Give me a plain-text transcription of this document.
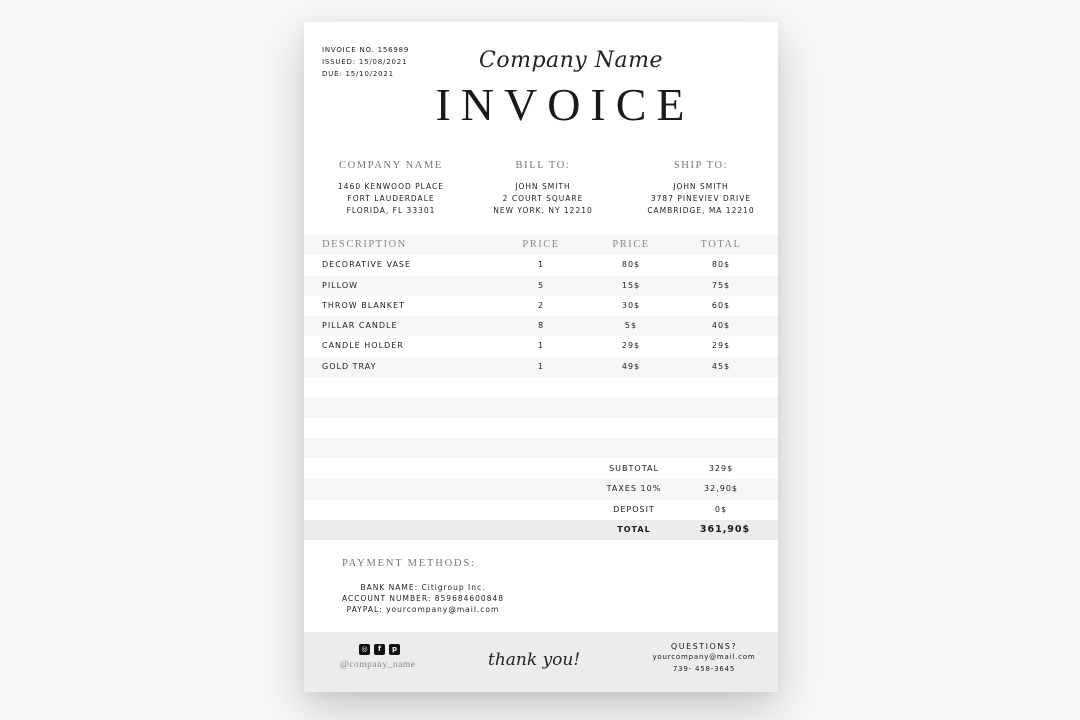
INVOICE NO. 156989
ISSUED: 15/08/2021
DUE: 15/10/2021
Company Name
INVOICE
COMPANY NAME
1460 KENWOOD PLACE
FORT LAUDERDALE
FLORIDA, FL 33301
BILL TO:
JOHN SMITH
2 COURT SQUARE
NEW YORK, NY 12210
SHIP TO:
JOHN SMITH
3787 PINEVIEV DRIVE
CAMBRIDGE, MA 12210
DESCRIPTION	PRICE	PRICE	TOTAL
DECORATIVE VASE	1	80$	80$
PILLOW	5	15$	75$
THROW BLANKET	2	30$	60$
PILLAR CANDLE	8	5$	40$
CANDLE HOLDER	1	29$	29$
GOLD TRAY	1	49$	45$
SUBTOTAL	329$
TAXES 10%	32,90$
DEPOSIT	0$
TOTAL	361,90$
PAYMENT METHODS:
BANK NAME: Citigroup Inc.
ACCOUNT NUMBER: 859684600848
PAYPAL: yourcompany@mail.com
◎	f	p
@company_name	thank you!
QUESTIONS?
yourcompany@mail.com
739- 458-3645
